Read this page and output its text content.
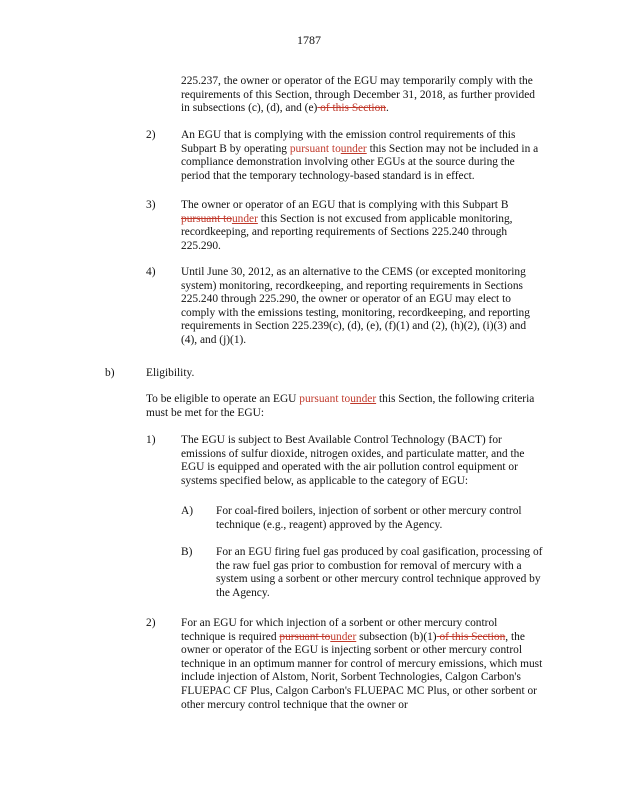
1787

225.237, the owner or operator of the EGU may temporarily comply with the requirements of this Section, through December 31, 2018, as further provided in subsections (c), (d), and (e) of this Section.

2) An EGU that is complying with the emission control requirements of this Subpart B by operating pursuant tounder this Section may not be included in a compliance demonstration involving other EGUs at the source during the period that the temporary technology-based standard is in effect.

3) The owner or operator of an EGU that is complying with this Subpart B pursuant tounder this Section is not excused from applicable monitoring, recordkeeping, and reporting requirements of Sections 225.240 through 225.290.

4) Until June 30, 2012, as an alternative to the CEMS (or excepted monitoring system) monitoring, recordkeeping, and reporting requirements in Sections 225.240 through 225.290, the owner or operator of an EGU may elect to comply with the emissions testing, monitoring, recordkeeping, and reporting requirements in Section 225.239(c), (d), (e), (f)(1) and (2), (h)(2), (i)(3) and (4), and (j)(1).

b)	Eligibility.

To be eligible to operate an EGU pursuant tounder this Section, the following criteria must be met for the EGU:

1) The EGU is subject to Best Available Control Technology (BACT) for emissions of sulfur dioxide, nitrogen oxides, and particulate matter, and the EGU is equipped and operated with the air pollution control equipment or systems specified below, as applicable to the category of EGU:

A) For coal-fired boilers, injection of sorbent or other mercury control technique (e.g., reagent) approved by the Agency.

B) For an EGU firing fuel gas produced by coal gasification, processing of the raw fuel gas prior to combustion for removal of mercury with a system using a sorbent or other mercury control technique approved by the Agency.

2) For an EGU for which injection of a sorbent or other mercury control technique is required pursuant tounder subsection (b)(1) of this Section, the owner or operator of the EGU is injecting sorbent or other mercury control technique in an optimum manner for control of mercury emissions, which must include injection of Alstom, Norit, Sorbent Technologies, Calgon Carbon's FLUEPAC CF Plus, Calgon Carbon's FLUEPAC MC Plus, or other sorbent or other mercury control technique that the owner or
